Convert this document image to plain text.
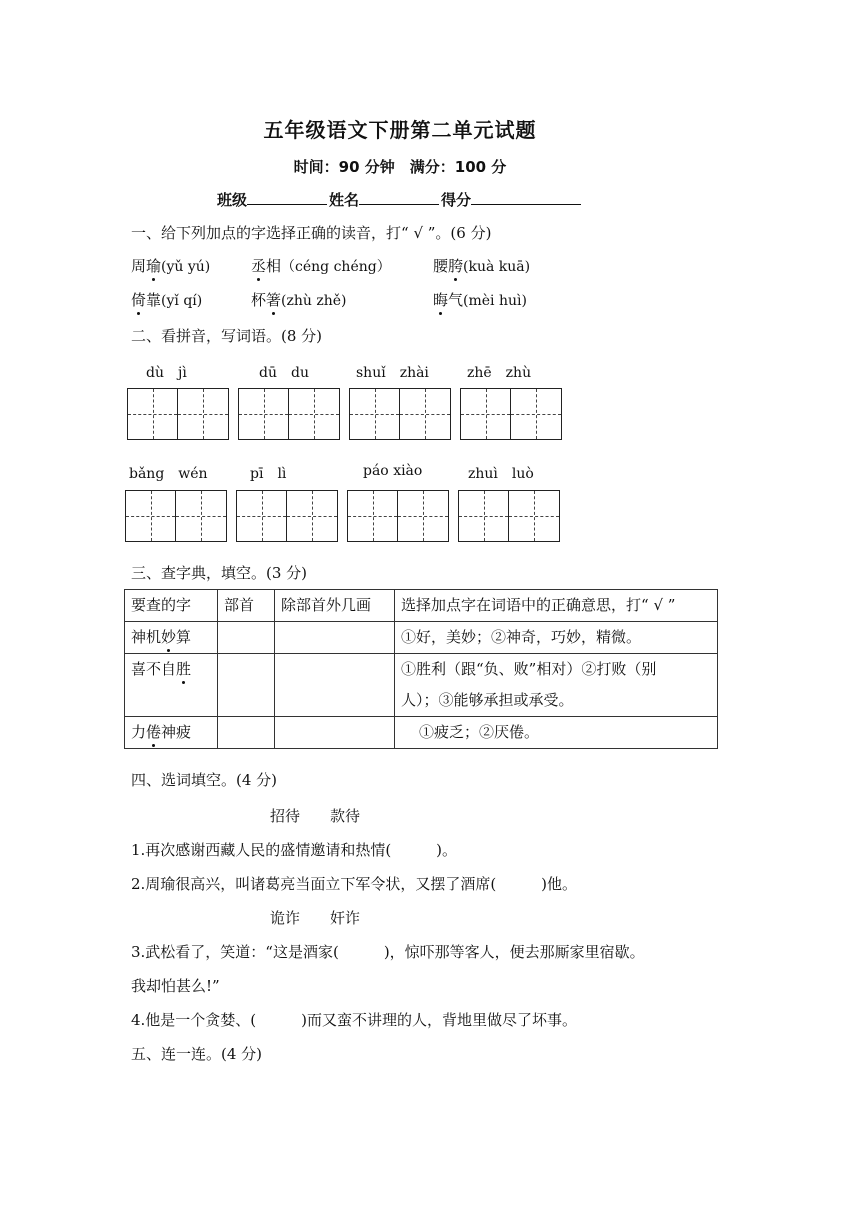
五年级语文下册第二单元试题
时间：90 分钟　满分：100 分
班级	姓名	得分
一、给下列加点的字选择正确的读音，打“ √ ”。(6 分)
周瑜(yǔ yú)	丞相（céng chéng）	腰胯(kuà kuā)
倚靠(yǐ qí)	杯箸(zhù zhě)	晦气(mèi huì)
二、看拼音，写词语。(8 分)
dù　jì	dū　du	shuǐ　zhài	zhē　zhù
bǎng　wén	pī　lì	páo xiào	zhuì　luò
三、查字典，填空。(3 分)
要查的字	部首	除部首外几画	选择加点字在词语中的正确意思，打“ √ ”
神机妙算			①好，美妙；②神奇，巧妙，精微。
喜不自胜			①胜利（跟“负、败”相对）②打败（别
人）；③能够承担或承受。

力倦神疲			①疲乏；②厌倦。
四、选词填空。(4 分)
招待　　款待
1.再次感谢西藏人民的盛情邀请和热情(　　　)。
2.周瑜很高兴，叫诸葛亮当面立下军令状，又摆了酒席(　　　)他。
诡诈　　奸诈
3.武松看了，笑道：“这是酒家(　　　)，惊吓那等客人，便去那厮家里宿歇。
我却怕甚么!”
4.他是一个贪婪、(　　　)而又蛮不讲理的人，背地里做尽了坏事。
五、连一连。(4 分)
